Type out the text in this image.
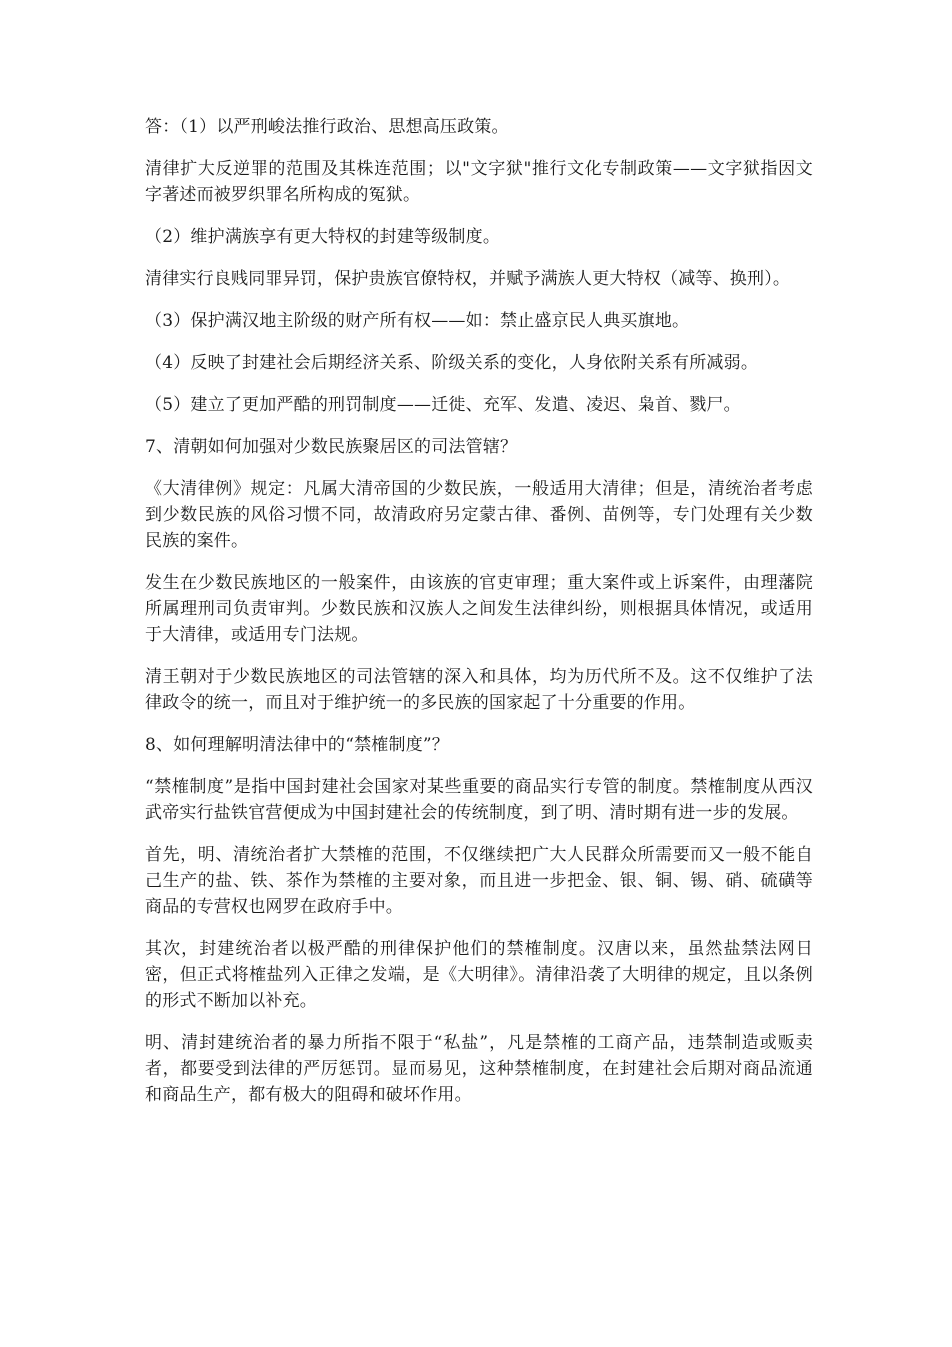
答：（1）以严刑峻法推行政治、思想高压政策。

清律扩大反逆罪的范围及其株连范围；以"文字狱"推行文化专制政策——文字狱指因文字著述而被罗织罪名所构成的冤狱。

（2）维护满族享有更大特权的封建等级制度。

清律实行良贱同罪异罚，保护贵族官僚特权，并赋予满族人更大特权（减等、换刑）。

（3）保护满汉地主阶级的财产所有权——如：禁止盛京民人典买旗地。

（4）反映了封建社会后期经济关系、阶级关系的变化，人身依附关系有所减弱。

（5）建立了更加严酷的刑罚制度——迁徙、充军、发遣、凌迟、枭首、戮尸。

7、清朝如何加强对少数民族聚居区的司法管辖？

《大清律例》规定：凡属大清帝国的少数民族，一般适用大清律；但是，清统治者考虑到少数民族的风俗习惯不同，故清政府另定蒙古律、番例、苗例等，专门处理有关少数民族的案件。

发生在少数民族地区的一般案件，由该族的官吏审理；重大案件或上诉案件，由理藩院所属理刑司负责审判。少数民族和汉族人之间发生法律纠纷，则根据具体情况，或适用于大清律，或适用专门法规。

清王朝对于少数民族地区的司法管辖的深入和具体，均为历代所不及。这不仅维护了法律政令的统一，而且对于维护统一的多民族的国家起了十分重要的作用。

8、如何理解明清法律中的“禁榷制度”？

“禁榷制度”是指中国封建社会国家对某些重要的商品实行专管的制度。禁榷制度从西汉武帝实行盐铁官营便成为中国封建社会的传统制度，到了明、清时期有进一步的发展。

首先，明、清统治者扩大禁榷的范围，不仅继续把广大人民群众所需要而又一般不能自己生产的盐、铁、茶作为禁榷的主要对象，而且进一步把金、银、铜、锡、硝、硫磺等商品的专营权也网罗在政府手中。

其次，封建统治者以极严酷的刑律保护他们的禁榷制度。汉唐以来，虽然盐禁法网日密，但正式将榷盐列入正律之发端，是《大明律》。清律沿袭了大明律的规定，且以条例的形式不断加以补充。

明、清封建统治者的暴力所指不限于“私盐”，凡是禁榷的工商产品，违禁制造或贩卖者，都要受到法律的严厉惩罚。显而易见，这种禁榷制度，在封建社会后期对商品流通和商品生产，都有极大的阻碍和破坏作用。
